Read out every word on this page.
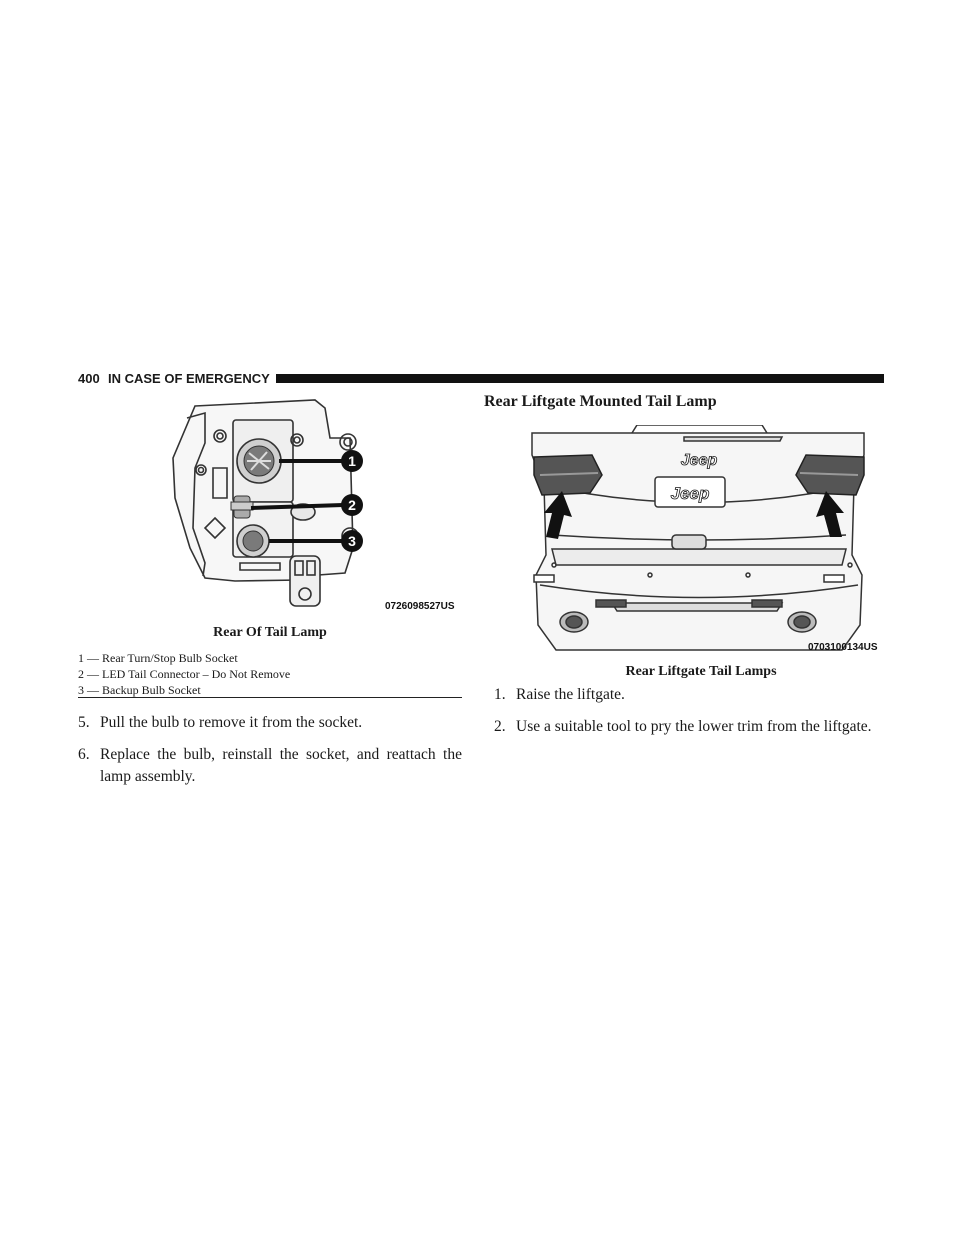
400 IN CASE OF EMERGENCY
1
2
3
0726098527US
Rear Of Tail Lamp
1 — Rear Turn/Stop Bulb Socket
2 — LED Tail Connector – Do Not Remove
3 — Backup Bulb Socket
5. Pull the bulb to remove it from the socket.
6. Replace the bulb, reinstall the socket, and reattach the lamp assembly.
Rear Liftgate Mounted Tail Lamp
Jeep
Jeep
0703100134US
Rear Liftgate Tail Lamps
1. Raise the liftgate.
2. Use a suitable tool to pry the lower trim from the liftgate.
